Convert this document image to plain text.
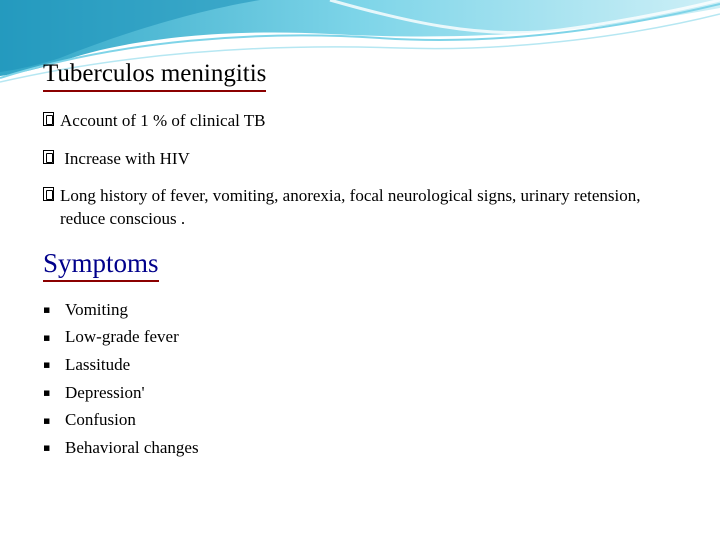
Tuberculos meningitis
Account of 1 % of clinical TB
Increase with HIV
Long history of fever, vomiting, anorexia, focal neurological signs, urinary retension, reduce conscious .
Symptoms
▪ Vomiting
▪ Low-grade fever
▪ Lassitude
▪ Depression'
▪ Confusion
▪ Behavioral changes
